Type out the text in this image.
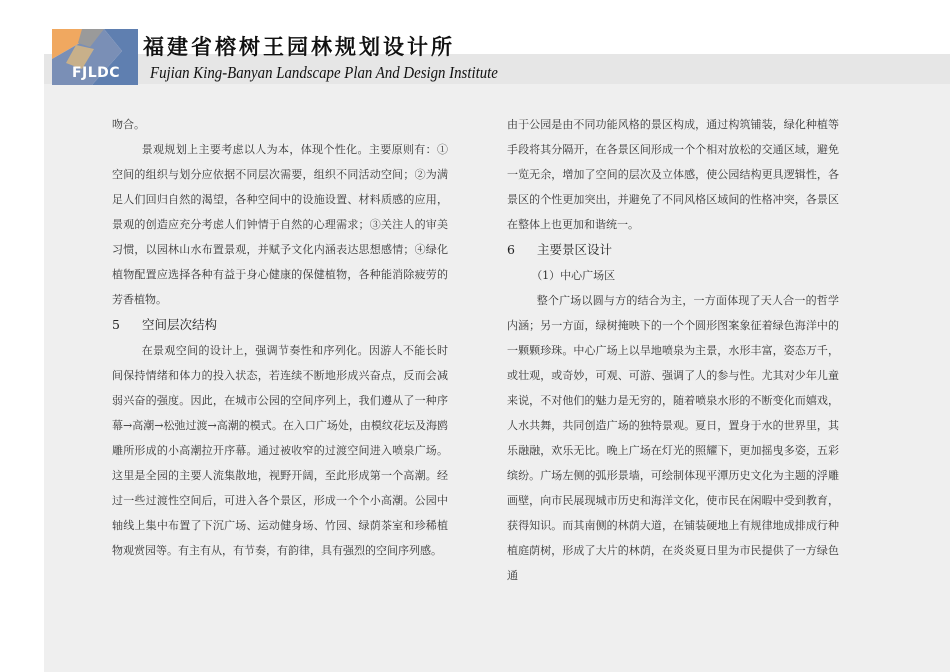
FJLDC
福建省榕树王园林规划设计所
Fujian King-Banyan Landscape Plan And Design Institute

吻合。

景观规划上主要考虑以人为本，体现个性化。主要原则有：①空间的组织与划分应依据不同层次需要，组织不同活动空间；②为满足人们回归自然的渴望，各种空间中的设施设置、材料质感的应用，景观的创造应充分考虑人们钟情于自然的心理需求；③关注人的审美习惯，以园林山水布置景观，并赋予文化内涵表达思想感情；④绿化植物配置应选择各种有益于身心健康的保健植物，各种能消除疲劳的芳香植物。

5 空间层次结构

在景观空间的设计上，强调节奏性和序列化。因游人不能长时间保持情绪和体力的投入状态，若连续不断地形成兴奋点，反而会减弱兴奋的强度。因此，在城市公园的空间序列上，我们遵从了一种序幕→高潮→松弛过渡→高潮的模式。在入口广场处，由模纹花坛及海鸥雕所形成的小高潮拉开序幕。通过被收窄的过渡空间进入喷泉广场。这里是全园的主要人流集散地，视野开阔，至此形成第一个高潮。经过一些过渡性空间后，可进入各个景区，形成一个个小高潮。公园中轴线上集中布置了下沉广场、运动健身场、竹园、绿荫茶室和珍稀植物观赏园等。有主有从，有节奏，有韵律，具有强烈的空间序列感。

由于公园是由不同功能风格的景区构成，通过构筑铺装，绿化种植等手段将其分隔开，在各景区间形成一个个相对放松的交通区域，避免一览无余，增加了空间的层次及立体感，使公园结构更具逻辑性，各景区的个性更加突出，并避免了不同风格区域间的性格冲突，各景区在整体上也更加和谐统一。

6 主要景区设计

（1）中心广场区

整个广场以圆与方的结合为主，一方面体现了天人合一的哲学内涵；另一方面，绿树掩映下的一个个圆形图案象征着绿色海洋中的一颗颗珍珠。中心广场上以旱地喷泉为主景，水形丰富，姿态万千，或壮观，或奇妙，可观、可游、强调了人的参与性。尤其对少年儿童来说，不对他们的魅力是无穷的，随着喷泉水形的不断变化而嬉戏，人水共舞，共同创造广场的独特景观。夏日，置身于水的世界里，其乐融融，欢乐无比。晚上广场在灯光的照耀下，更加摇曳多姿，五彩缤纷。广场左侧的弧形景墙，可绘制体现平潭历史文化为主题的浮雕画壁，向市民展现城市历史和海洋文化，使市民在闲暇中受到教育，获得知识。而其南侧的林荫大道，在铺装硬地上有规律地成排成行种植庭荫树，形成了大片的林荫，在炎炎夏日里为市民提供了一方绿色通
